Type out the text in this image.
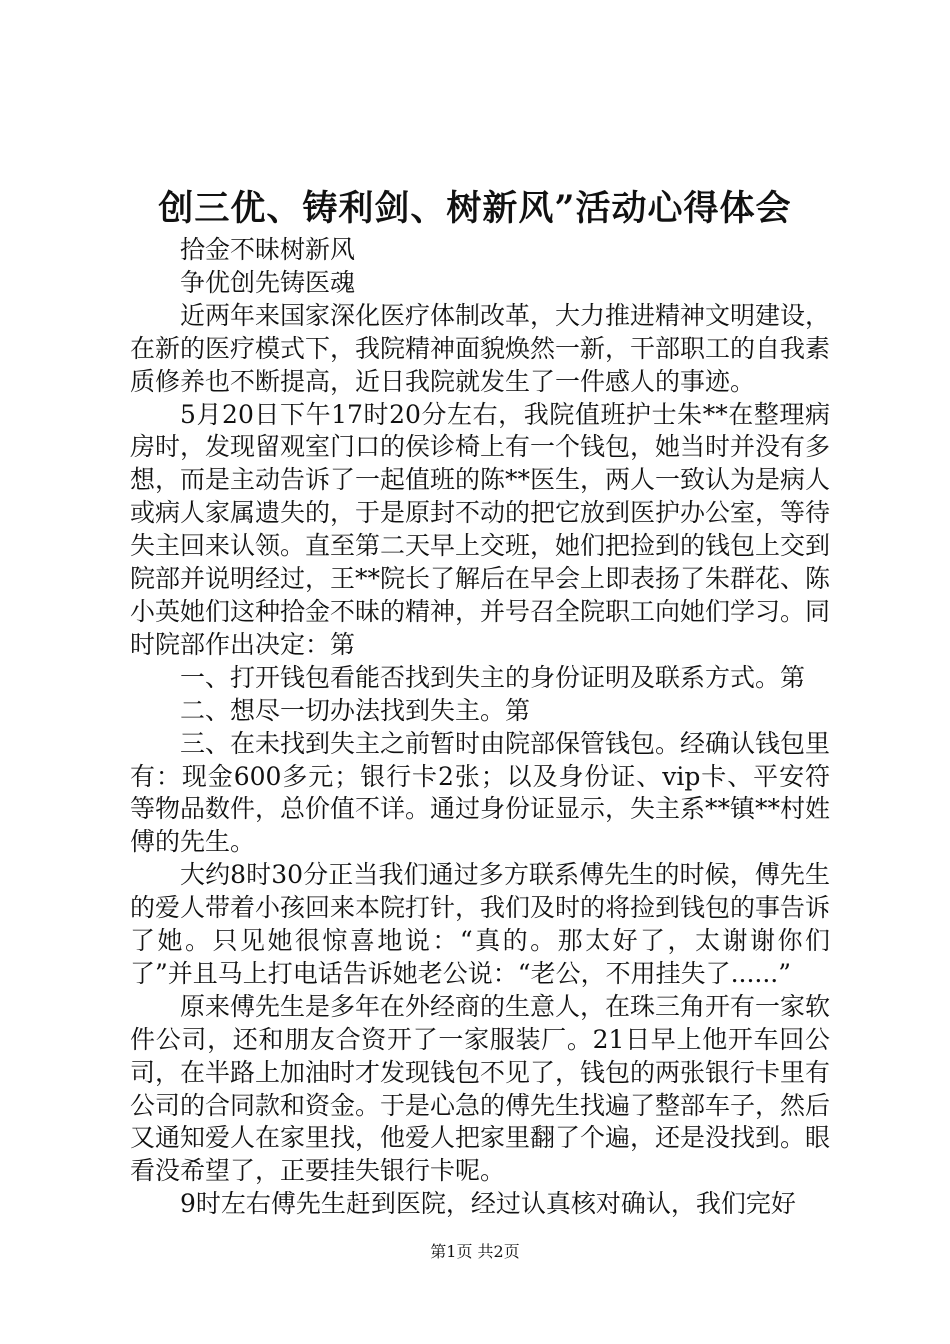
创三优、铸利剑、树新风”活动心得体会

拾金不昧树新风

争优创先铸医魂

近两年来国家深化医疗体制改革，大力推进精神文明建设，在新的医疗模式下，我院精神面貌焕然一新，干部职工的自我素质修养也不断提高，近日我院就发生了一件感人的事迹。

5月20日下午17时20分左右，我院值班护士朱**在整理病房时，发现留观室门口的侯诊椅上有一个钱包，她当时并没有多想，而是主动告诉了一起值班的陈**医生，两人一致认为是病人或病人家属遗失的，于是原封不动的把它放到医护办公室，等待失主回来认领。直至第二天早上交班，她们把捡到的钱包上交到院部并说明经过，王**院长了解后在早会上即表扬了朱群花、陈小英她们这种拾金不昧的精神，并号召全院职工向她们学习。同时院部作出决定：第

一、打开钱包看能否找到失主的身份证明及联系方式。第

二、想尽一切办法找到失主。第

三、在未找到失主之前暂时由院部保管钱包。经确认钱包里有：现金600多元；银行卡2张；以及身份证、vip卡、平安符等物品数件，总价值不详。通过身份证显示，失主系**镇**村姓傅的先生。

大约8时30分正当我们通过多方联系傅先生的时候，傅先生的爱人带着小孩回来本院打针，我们及时的将捡到钱包的事告诉了她。只见她很惊喜地说：“真的。那太好了，太谢谢你们了”并且马上打电话告诉她老公说：“老公，不用挂失了......”

原来傅先生是多年在外经商的生意人，在珠三角开有一家软件公司，还和朋友合资开了一家服装厂。21日早上他开车回公司，在半路上加油时才发现钱包不见了，钱包的两张银行卡里有公司的合同款和资金。于是心急的傅先生找遍了整部车子，然后又通知爱人在家里找，他爱人把家里翻了个遍，还是没找到。眼看没希望了，正要挂失银行卡呢。

9时左右傅先生赶到医院，经过认真核对确认，我们完好

第1页 共2页
